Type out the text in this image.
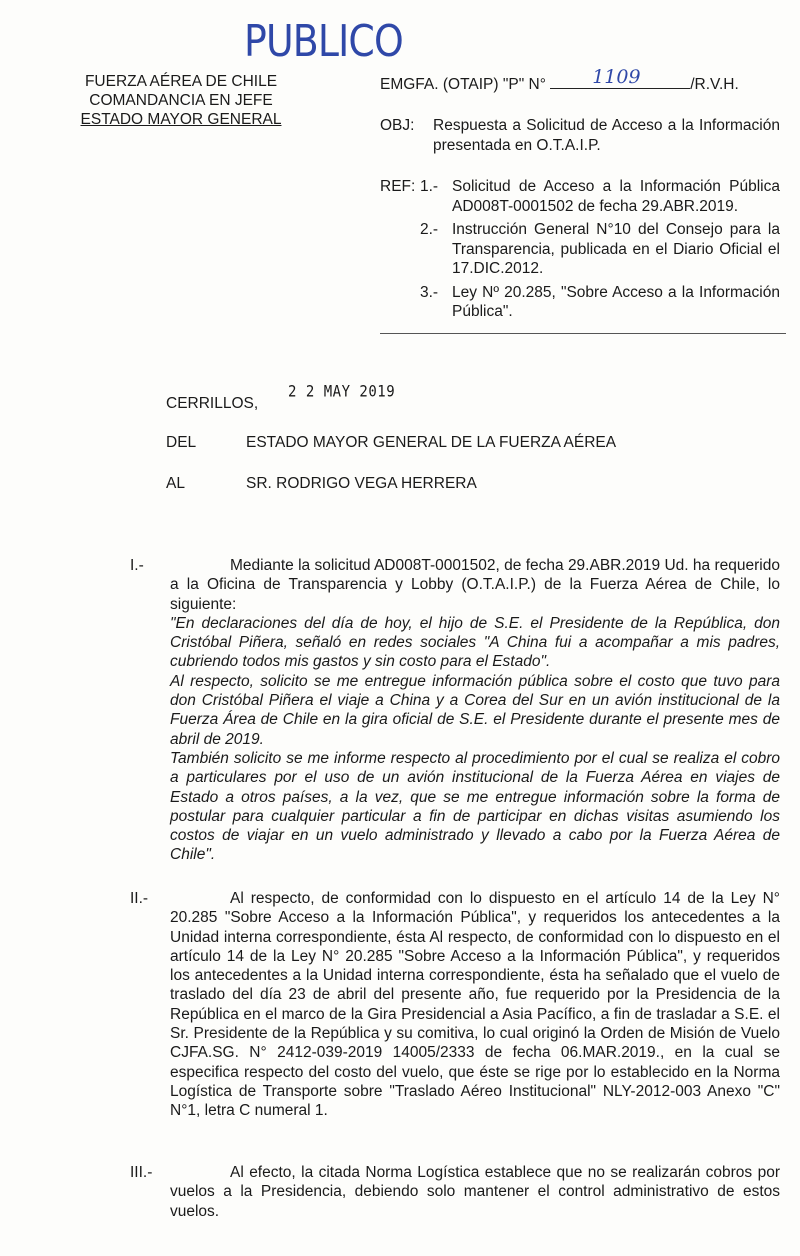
PUBLICO
FUERZA AÉREA DE CHILE
COMANDANCIA EN JEFE
ESTADO MAYOR GENERAL
EMGFA. (OTAIP) "P" N° 1109	/R.V.H.
OBJ: Respuesta a Solicitud de Acceso a la Información presentada en O.T.A.I.P.
REF: 1.- Solicitud de Acceso a la Información Pública AD008T-0001502 de fecha 29.ABR.2019.
2.- Instrucción General N°10 del Consejo para la Transparencia, publicada en el Diario Oficial el 17.DIC.2012.
3.- Ley Nº 20.285, "Sobre Acceso a la Información Pública".
CERRILLOS,
2 2 MAY 2019
DEL	ESTADO MAYOR GENERAL DE LA FUERZA AÉREA
AL	SR. RODRIGO VEGA HERRERA
I.-	Mediante la solicitud AD008T-0001502, de fecha 29.ABR.2019 Ud. ha requerido a la Oficina de Transparencia y Lobby (O.T.A.I.P.) de la Fuerza Aérea de Chile, lo siguiente:

"En declaraciones del día de hoy, el hijo de S.E. el Presidente de la República, don Cristóbal Piñera, señaló en redes sociales "A China fui a acompañar a mis padres, cubriendo todos mis gastos y sin costo para el Estado".

Al respecto, solicito se me entregue información pública sobre el costo que tuvo para don Cristóbal Piñera el viaje a China y a Corea del Sur en un avión institucional de la Fuerza Área de Chile en la gira oficial de S.E. el Presidente durante el presente mes de abril de 2019.

También solicito se me informe respecto al procedimiento por el cual se realiza el cobro a particulares por el uso de un avión institucional de la Fuerza Aérea en viajes de Estado a otros países, a la vez, que se me entregue información sobre la forma de postular para cualquier particular a fin de participar en dichas visitas asumiendo los costos de viajar en un vuelo administrado y llevado a cabo por la Fuerza Aérea de Chile".

II.-	Al respecto, de conformidad con lo dispuesto en el artículo 14 de la Ley N° 20.285 "Sobre Acceso a la Información Pública", y requeridos los antecedentes a la Unidad interna correspondiente, ésta Al respecto, de conformidad con lo dispuesto en el artículo 14 de la Ley N° 20.285 "Sobre Acceso a la Información Pública", y requeridos los antecedentes a la Unidad interna correspondiente, ésta ha señalado que el vuelo de traslado del día 23 de abril del presente año, fue requerido por la Presidencia de la República en el marco de la Gira Presidencial a Asia Pacífico, a fin de trasladar a S.E. el Sr. Presidente de la República y su comitiva, lo cual originó la Orden de Misión de Vuelo CJFA.SG. N° 2412-039-2019 14005/2333 de fecha 06.MAR.2019., en la cual se especifica respecto del costo del vuelo, que éste se rige por lo establecido en la Norma Logística de Transporte sobre "Traslado Aéreo Institucional" NLY-2012-003 Anexo "C" N°1, letra C numeral 1.

III.-	Al efecto, la citada Norma Logística establece que no se realizarán cobros por vuelos a la Presidencia, debiendo solo mantener el control administrativo de estos vuelos.
